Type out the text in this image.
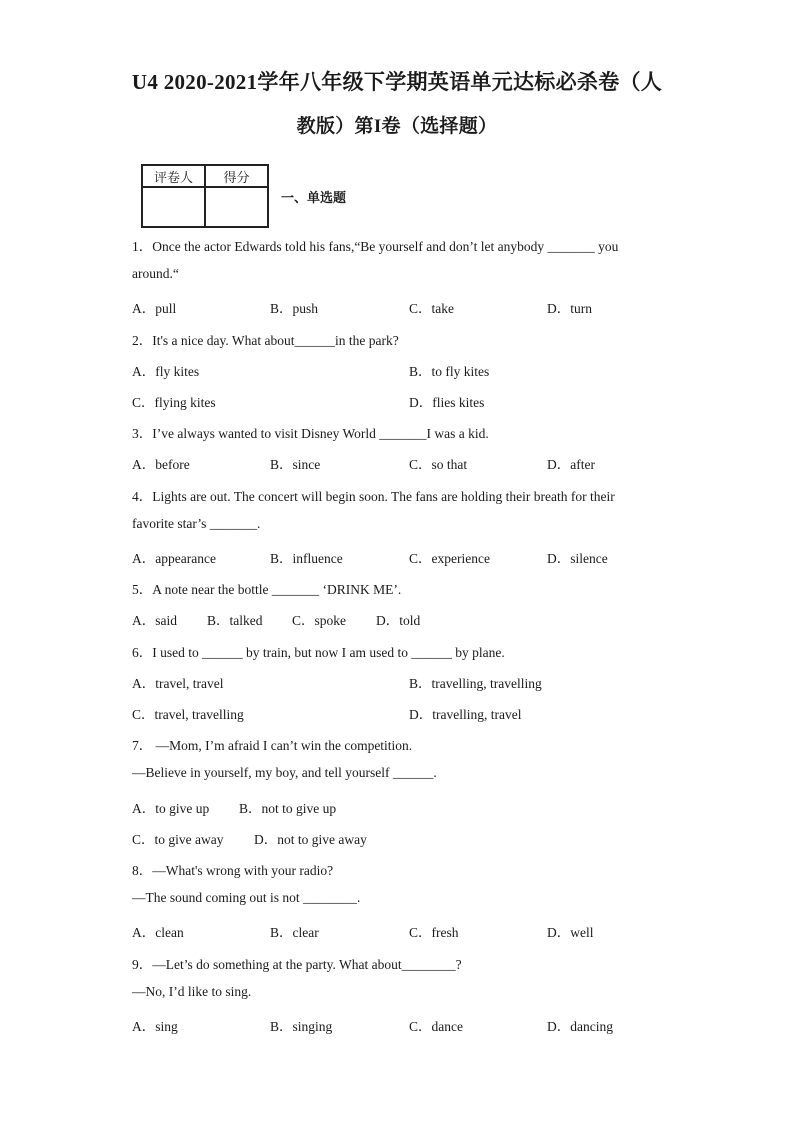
U4 2020-2021学年八年级下学期英语单元达标必杀卷（人
教版）第I卷（选择题）
评卷人	得分

一、单选题
1．Once the actor Edwards told his fans,“Be yourself and don’t let anybody _______ you
around.“
A．pull	B．push	C．take	D．turn
2．It's a nice day. What about______in the park?
A．fly kites	B．to fly kites
C．flying kites	D．flies kites
3．I’ve always wanted to visit Disney World _______I was a kid.
A．before	B．since	C．so that	D．after
4．Lights are out. The concert will begin soon. The fans are holding their breath for their
favorite star’s _______.
A．appearance	B．influence	C．experience	D．silence
5．A note near the bottle _______ ‘DRINK ME’.
A．said B．talked C．spoke D．told
6．I used to ______ by train, but now I am used to ______ by plane.
A．travel, travel	B．travelling, travelling
C．travel, travelling	D．travelling, travel
7． —Mom, I’m afraid I can’t win the competition.
—Believe in yourself, my boy, and tell yourself ______.
A．to give up B．not to give up
C．to give away D．not to give away
8．—What's wrong with your radio?
—The sound coming out is not ________.
A．clean	B．clear	C．fresh	D．well
9．—Let’s do something at the party. What about________?
—No, I’d like to sing.
A．sing	B．singing	C．dance	D．dancing
